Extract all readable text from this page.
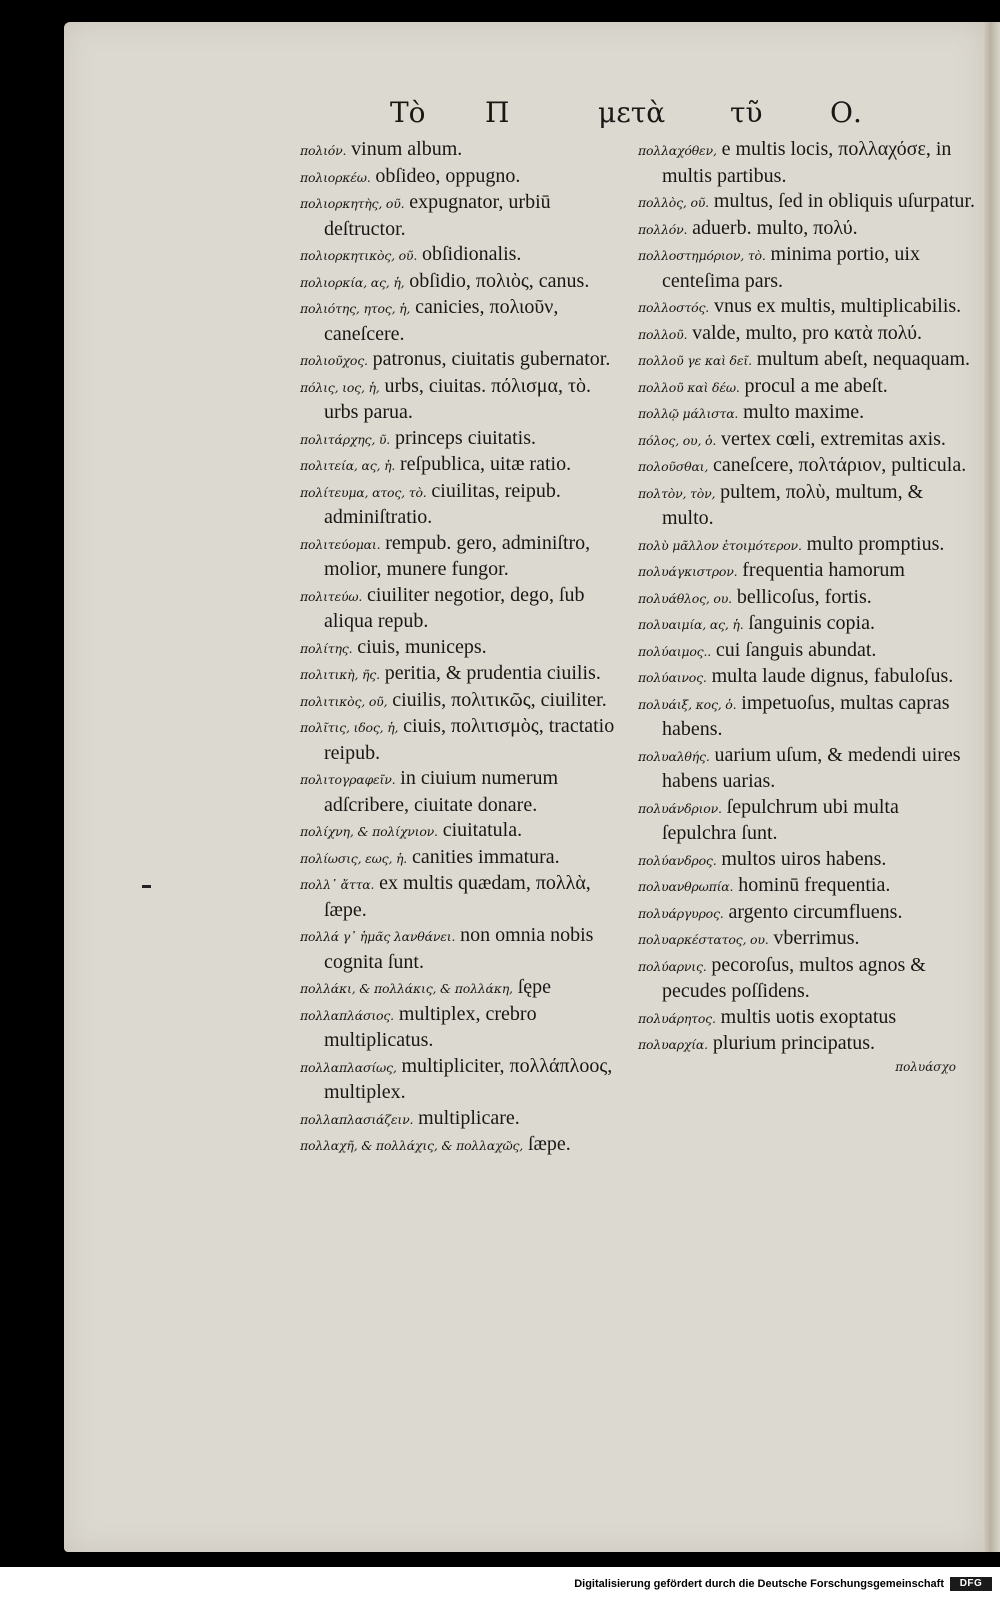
Τὸ Π	μετὰ τῦ Ο.

πολιόν. vinum album.

πολιορκέω. obſideo, oppugno.

πολιορκητὴς, οῦ. expugnator, urbiū deſtructor.

πολιορκητικὸς, οῦ. obſidionalis.

πολιορκία, ας, ἡ, obſidio, πολιὸς, canus.

πολιότης, ητος, ἡ, canicies, πολιοῦν, caneſcere.

πολιοῦχος. patronus, ciuitatis gubernator.

πόλις, ιος, ἡ, urbs, ciuitas. πόλισμα, τὸ. urbs parua.

πολιτάρχης, ῦ. princeps ciuitatis.

πολιτεία, ας, ἡ. reſpublica, uitæ ratio.

πολίτευμα, ατος, τὸ. ciuilitas, reipub. adminiſtratio.

πολιτεύομαι. rempub. gero, adminiſtro, molior, munere fungor.

πολιτεύω. ciuiliter negotior, dego, ſub aliqua repub.

πολίτης. ciuis, municeps.

πολιτικὴ, ῆς. peritia, & prudentia ciuilis.

πολιτικὸς, οῦ, ciuilis, πολιτικῶς, ciuiliter.

πολῖτις, ιδος, ἡ, ciuis, πολιτισμὸς, tractatio reipub.

πολιτογραφεῖν. in ciuium numerum adſcribere, ciuitate donare.

πολίχνη, & πολίχνιον. ciuitatula.

πολίωσις, εως, ἡ. canities immatura.

πολλ᾽ ἄττα. ex multis quædam, πολλὰ, ſæpe.

πολλά γ᾽ ἡμᾶς λανθάνει. non omnia nobis cognita ſunt.

πολλάκι, & πολλάκις, & πολλάκη, ſępe

πολλαπλάσιος. multiplex, crebro multiplicatus.

πολλαπλασίως, multipliciter, πολλάπλοος, multiplex.

πολλαπλασιάζειν. multiplicare.

πολλαχῆ, & πολλάχις, & πολλαχῶς, ſæpe.

πολλαχόθεν, e multis locis, πολλαχόσε, in multis partibus.

πολλὸς, οῦ. multus, ſed in obliquis uſurpatur.

πολλόν. aduerb. multo, πολύ.

πολλοστημόριον, τὸ. minima portio, uix centeſima pars.

πολλοστός. vnus ex multis, multiplicabilis.

πολλοῦ. valde, multo, pro κατὰ πολύ.

πολλοῦ γε καὶ δεῖ. multum abeſt, nequaquam.

πολλοῦ καὶ δέω. procul a me abeſt.

πολλῷ μάλιστα. multo maxime.

πόλος, ου, ὁ. vertex cœli, extremitas axis.

πολοῦσθαι, caneſcere, πολτάριον, pulticula.

πολτὸν, τὸν, pultem, πολὺ, multum, & multo.

πολὺ μᾶλλον ἑτοιμότερον. multo promptius.

πολυάγκιστρον. frequentia hamorum

πολυάθλος, ου. bellicoſus, fortis.

πολυαιμία, ας, ἡ. ſanguinis copia.

πολύαιμος.. cui ſanguis abundat.

πολύαινος. multa laude dignus, fabuloſus.

πολυάιξ, κος, ὁ. impetuoſus, multas capras habens.

πολυαλθής. uarium uſum, & medendi uires habens uarias.

πολυάνδριον. ſepulchrum ubi multa ſepulchra ſunt.

πολύανδρος. multos uiros habens.

πολυανθρωπία. hominū frequentia.

πολυάργυρος. argento circumfluens.

πολυαρκέστατος, ου. vberrimus.

πολύαρνις. pecoroſus, multos agnos & pecudes poſſidens.

πολυάρητος. multis uotis exoptatus

πολυαρχία. plurium principatus.

πολυάσχο
Digitalisierung gefördert durch die Deutsche Forschungsgemeinschaft	DFG
